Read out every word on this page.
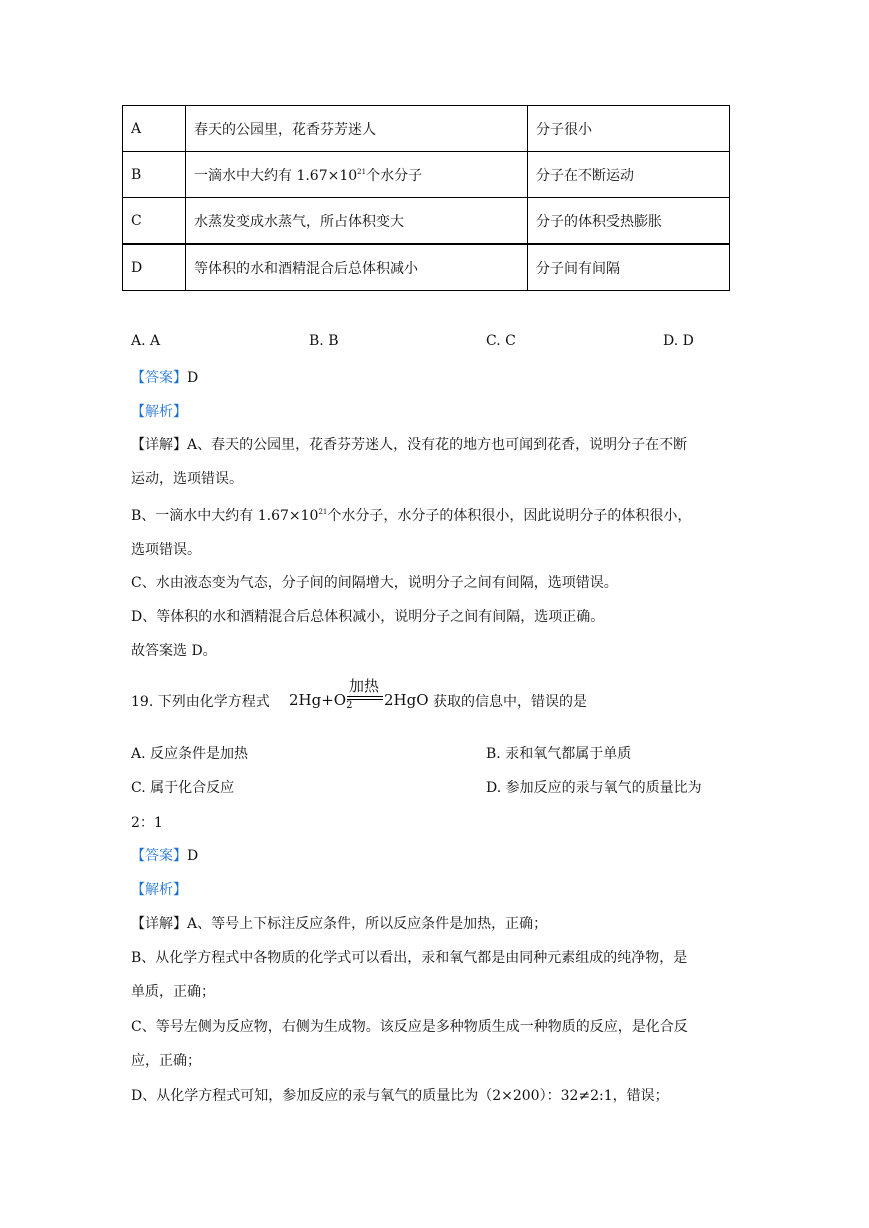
A	春天的公园里，花香芬芳迷人	分子很小
B	一滴水中大约有 $1.67\times 10^{21}$个水分子	分子在不断运动
C	水蒸发变成水蒸气，所占体积变大	分子的体积受热膨胀
D	等体积的水和酒精混合后总体积减小	分子间有间隔
A. A	B. B	C. C	D. D
【答案】D
【解析】
【详解】A、春天的公园里，花香芬芳迷人，没有花的地方也可闻到花香，说明分子在不断
运动，选项错误。
B、一滴水中大约有 $1.67\times 10^{21}$个水分子，水分子的体积很小，因此说明分子的体积很小，
选项错误。
C、水由液态变为气态，分子间的间隔增大，说明分子之间有间隔，选项错误。
D、等体积的水和酒精混合后总体积减小，说明分子之间有间隔，选项正确。
故答案选 D。
19. 下列由化学方程式 $2Hg+O_2$
加热
2HgO 获取的信息中，错误的是
A. 反应条件是加热	B. 汞和氧气都属于单质
C. 属于化合反应	D. 参加反应的汞与氧气的质量比为
2：1
【答案】D
【解析】
【详解】A、等号上下标注反应条件，所以反应条件是加热，正确；
B、从化学方程式中各物质的化学式可以看出，汞和氧气都是由同种元素组成的纯净物，是
单质，正确；
C、等号左侧为反应物，右侧为生成物。该反应是多种物质生成一种物质的反应，是化合反
应，正确；
D、从化学方程式可知，参加反应的汞与氧气的质量比为（2×200）：32≠2:1，错误；
